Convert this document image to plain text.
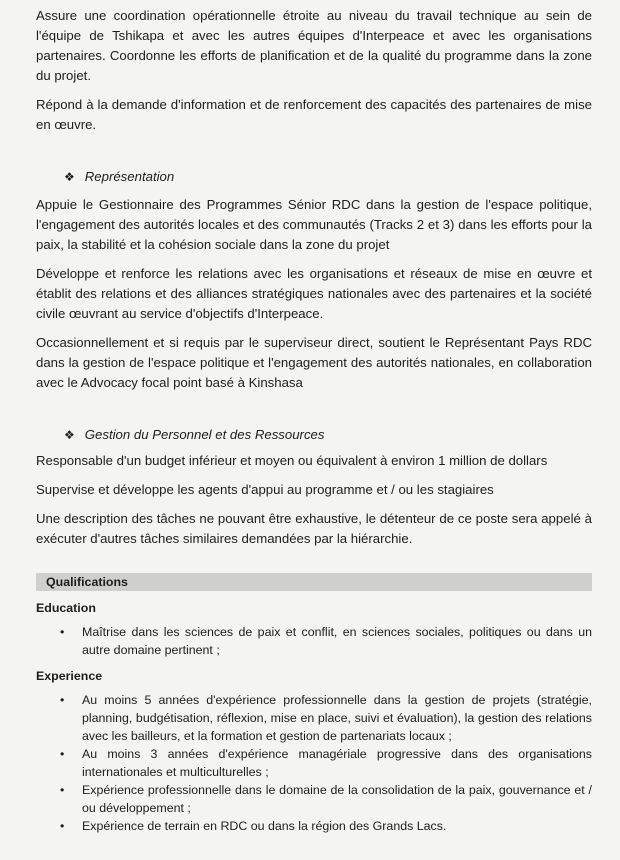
Assure une coordination opérationnelle étroite au niveau du travail technique au sein de l'équipe de Tshikapa et avec les autres équipes d'Interpeace et avec les organisations partenaires. Coordonne les efforts de planification et de la qualité du programme dans la zone du projet.

Répond à la demande d'information et de renforcement des capacités des partenaires de mise en œuvre.

❖ Représentation

Appuie le Gestionnaire des Programmes Sénior RDC dans la gestion de l'espace politique, l'engagement des autorités locales et des communautés (Tracks 2 et 3) dans les efforts pour la paix, la stabilité et la cohésion sociale dans la zone du projet

Développe et renforce les relations avec les organisations et réseaux de mise en œuvre et établit des relations et des alliances stratégiques nationales avec des partenaires et la société civile œuvrant au service d'objectifs d'Interpeace.

Occasionnellement et si requis par le superviseur direct, soutient le Représentant Pays RDC dans la gestion de l'espace politique et l'engagement des autorités nationales, en collaboration avec le Advocacy focal point basé à Kinshasa

❖ Gestion du Personnel et des Ressources

Responsable d'un budget inférieur et moyen ou équivalent à environ 1 million de dollars

Supervise et développe les agents d'appui au programme et / ou les stagiaires

Une description des tâches ne pouvant être exhaustive, le détenteur de ce poste sera appelé à exécuter d'autres tâches similaires demandées par la hiérarchie.

Qualifications
Education
• Maîtrise dans les sciences de paix et conflit, en sciences sociales, politiques ou dans un autre domaine pertinent ;
Experience
• Au moins 5 années d'expérience professionnelle dans la gestion de projets (stratégie, planning, budgétisation, réflexion, mise en place, suivi et évaluation), la gestion des relations avec les bailleurs, et la formation et gestion de partenariats locaux ;
• Au moins 3 années d'expérience managériale progressive dans des organisations internationales et multiculturelles ;
• Expérience professionnelle dans le domaine de la consolidation de la paix, gouvernance et / ou développement ;
• Expérience de terrain en RDC ou dans la région des Grands Lacs.
